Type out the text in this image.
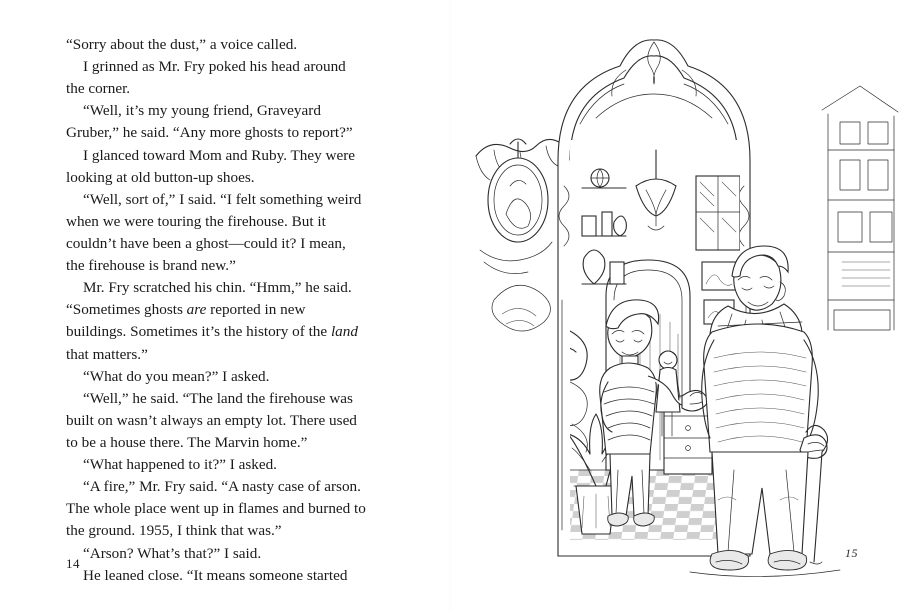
“Sorry about the dust,” a voice called.

I grinned as Mr. Fry poked his head around the corner.

“Well, it’s my young friend, Graveyard Gruber,” he said. “Any more ghosts to report?”

I glanced toward Mom and Ruby. They were looking at old button-up shoes.

“Well, sort of,” I said. “I felt something weird when we were touring the firehouse. But it couldn’t have been a ghost—could it? I mean, the firehouse is brand new.”

Mr. Fry scratched his chin. “Hmm,” he said. “Sometimes ghosts are reported in new buildings. Sometimes it’s the history of the land that matters.”

“What do you mean?” I asked.

“Well,” he said. “The land the firehouse was built on wasn’t always an empty lot. There used to be a house there. The Marvin home.”

“What happened to it?” I asked.

“A fire,” Mr. Fry said. “A nasty case of arson. The whole place went up in flames and burned to the ground. 1955, I think that was.”

“Arson? What’s that?” I said.

He leaned close. “It means someone started

14
15
